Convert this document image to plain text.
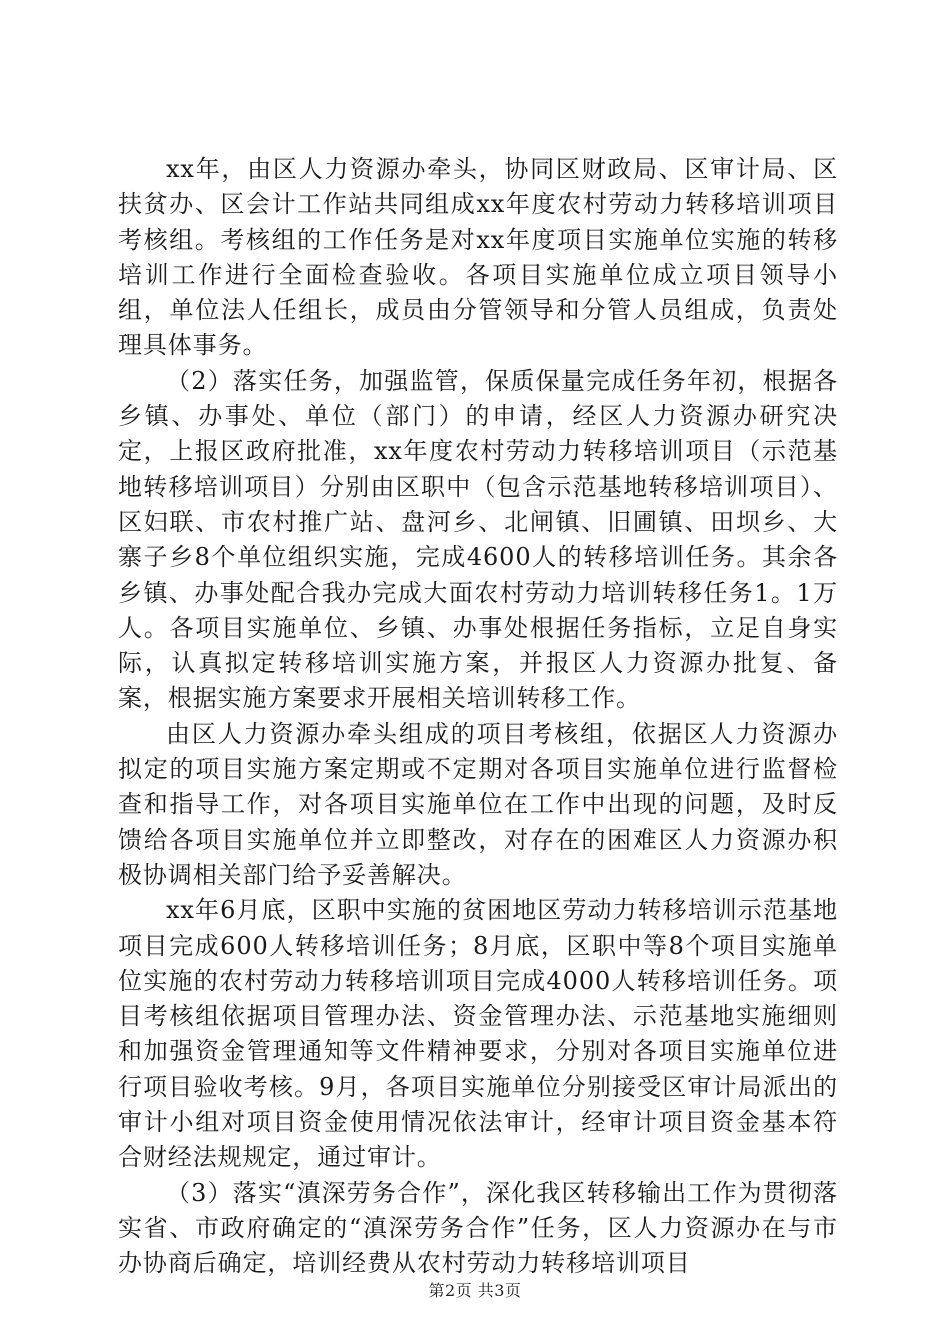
xx年，由区人力资源办牵头，协同区财政局、区审计局、区扶贫办、区会计工作站共同组成xx年度农村劳动力转移培训项目考核组。考核组的工作任务是对xx年度项目实施单位实施的转移培训工作进行全面检查验收。各项目实施单位成立项目领导小组，单位法人任组长，成员由分管领导和分管人员组成，负责处理具体事务。

（2）落实任务，加强监管，保质保量完成任务年初，根据各乡镇、办事处、单位（部门）的申请，经区人力资源办研究决定，上报区政府批准，xx年度农村劳动力转移培训项目（示范基地转移培训项目）分别由区职中（包含示范基地转移培训项目）、区妇联、市农村推广站、盘河乡、北闸镇、旧圃镇、田坝乡、大寨子乡8个单位组织实施，完成4600人的转移培训任务。其余各乡镇、办事处配合我办完成大面农村劳动力培训转移任务1。1万人。各项目实施单位、乡镇、办事处根据任务指标，立足自身实际，认真拟定转移培训实施方案，并报区人力资源办批复、备案，根据实施方案要求开展相关培训转移工作。

由区人力资源办牵头组成的项目考核组，依据区人力资源办拟定的项目实施方案定期或不定期对各项目实施单位进行监督检查和指导工作，对各项目实施单位在工作中出现的问题，及时反馈给各项目实施单位并立即整改，对存在的困难区人力资源办积极协调相关部门给予妥善解决。

xx年6月底，区职中实施的贫困地区劳动力转移培训示范基地项目完成600人转移培训任务；8月底，区职中等8个项目实施单位实施的农村劳动力转移培训项目完成4000人转移培训任务。项目考核组依据项目管理办法、资金管理办法、示范基地实施细则和加强资金管理通知等文件精神要求，分别对各项目实施单位进行项目验收考核。9月，各项目实施单位分别接受区审计局派出的审计小组对项目资金使用情况依法审计，经审计项目资金基本符合财经法规规定，通过审计。

（3）落实“滇深劳务合作”，深化我区转移输出工作为贯彻落实省、市政府确定的“滇深劳务合作”任务，区人力资源办在与市办协商后确定，培训经费从农村劳动力转移培训项目

第2页 共3页
